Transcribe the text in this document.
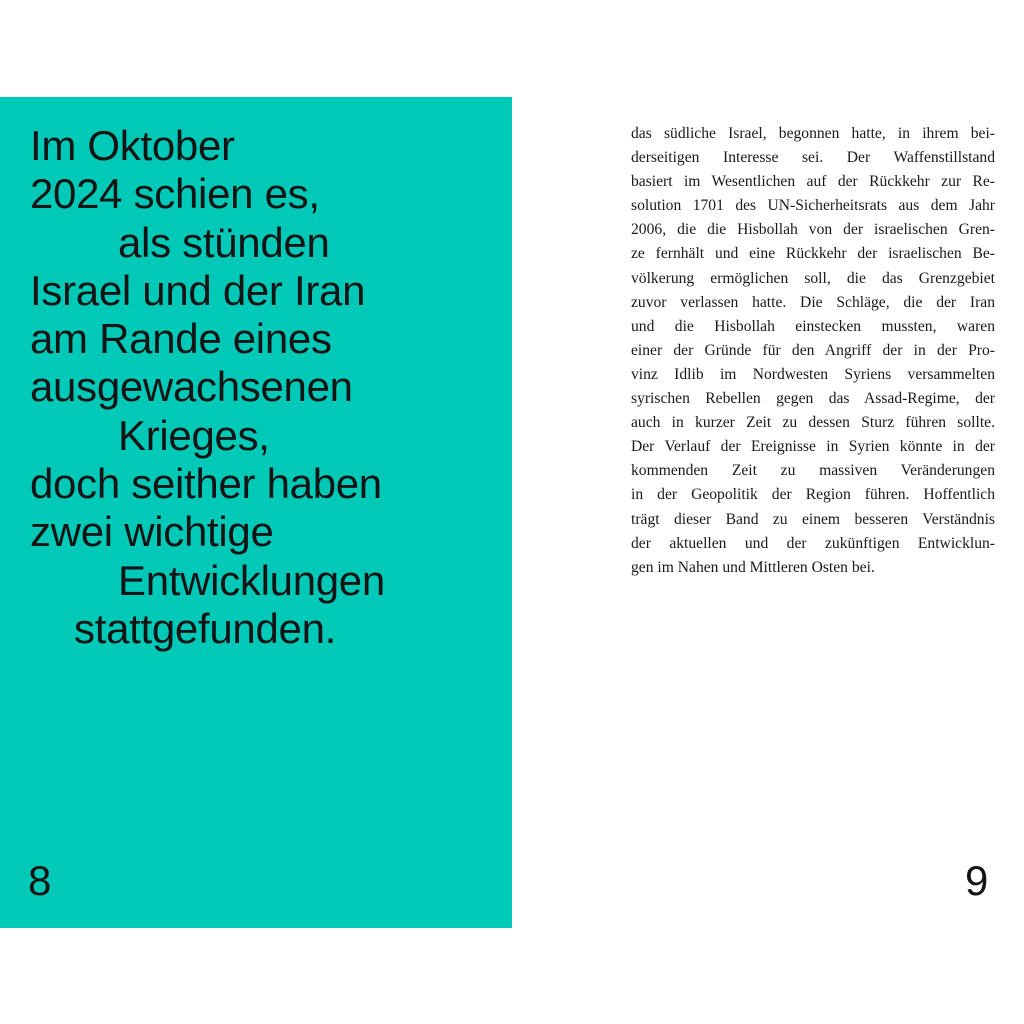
Im Oktober
2024 schien es,
als stünden
Israel und der Iran
am Rande eines
ausgewachsenen
Krieges,
doch seither haben
zwei wichtige
Entwicklungen
stattgefunden.
8
das südliche Israel, begonnen hatte, in ihrem bei-
derseitigen Interesse sei. Der Waffenstillstand
basiert im Wesentlichen auf der Rückkehr zur Re-
solution 1701 des UN-Sicherheitsrats aus dem Jahr
2006, die die Hisbollah von der israelischen Gren-
ze fernhält und eine Rückkehr der israelischen Be-
völkerung ermöglichen soll, die das Grenzgebiet
zuvor verlassen hatte. Die Schläge, die der Iran
und die Hisbollah einstecken mussten, waren
einer der Gründe für den Angriff der in der Pro-
vinz Idlib im Nordwesten Syriens versammelten
syrischen Rebellen gegen das Assad-Regime, der
auch in kurzer Zeit zu dessen Sturz führen sollte.
Der Verlauf der Ereignisse in Syrien könnte in der
kommenden Zeit zu massiven Veränderungen
in der Geopolitik der Region führen. Hoffentlich
trägt dieser Band zu einem besseren Verständnis
der aktuellen und der zukünftigen Entwicklun-
gen im Nahen und Mittleren Osten bei.
9
